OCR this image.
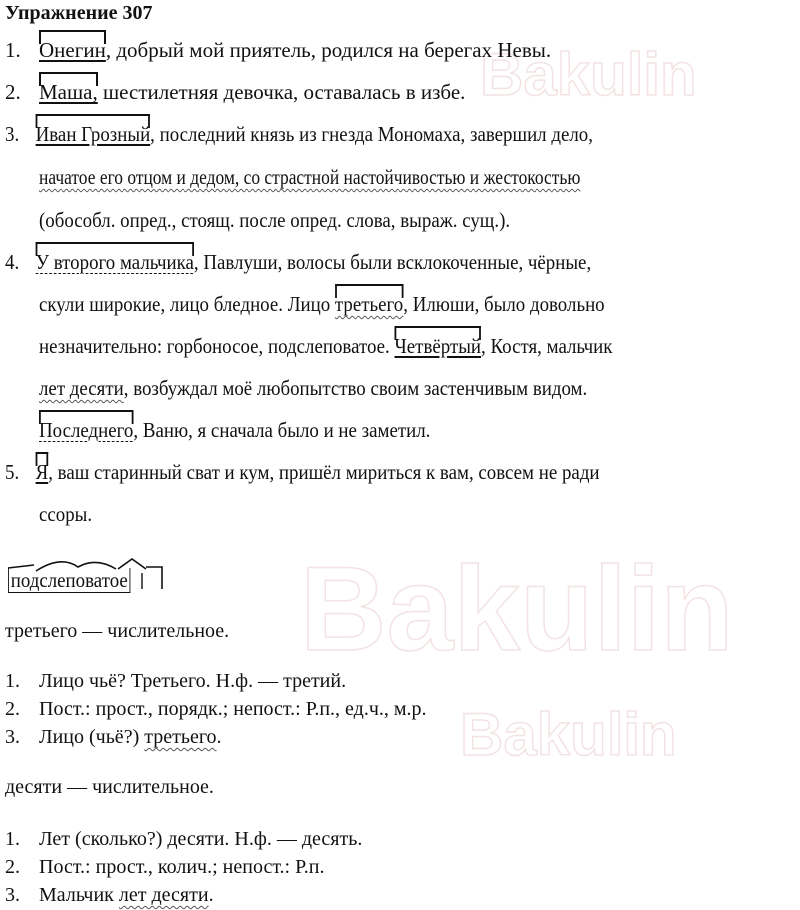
Bakulin
Bakulin
Bakulin
Упражнение 307
1. Онегин, добрый мой приятель, родился на берегах Невы.
2. Маша, шестилетняя девочка, оставалась в избе.
3. Иван Грозный, последний князь из гнезда Мономаха, завершил дело,
начатое его отцом и дедом, со страстной настойчивостью и жестокостью
(обособл. опред., стоящ. после опред. слова, выраж. сущ.).
4. У второго мальчика, Павлуши, волосы были всклокоченные, чёрные,
скули широкие, лицо бледное. Лицо третьего, Илюши, было довольно
незначительно: горбоносое, подслеповатое. Четвёртый, Костя, мальчик
лет десяти, возбуждал моё любопытство своим застенчивым видом.
Последнего, Ваню, я сначала было и не заметил.
5. Я, ваш старинный сват и кум, пришёл мириться к вам, совсем не ради
ссоры.
подслеповатое
третьего — числительное.
1. Лицо чьё? Третьего. Н.ф. — третий.
2. Пост.: прост., порядк.; непост.: Р.п., ед.ч., м.р.
3. Лицо (чьё?) третьего.
десяти — числительное.
1. Лет (сколько?) десяти. Н.ф. — десять.
2. Пост.: прост., колич.; непост.: Р.п.
3. Мальчик лет десяти.
